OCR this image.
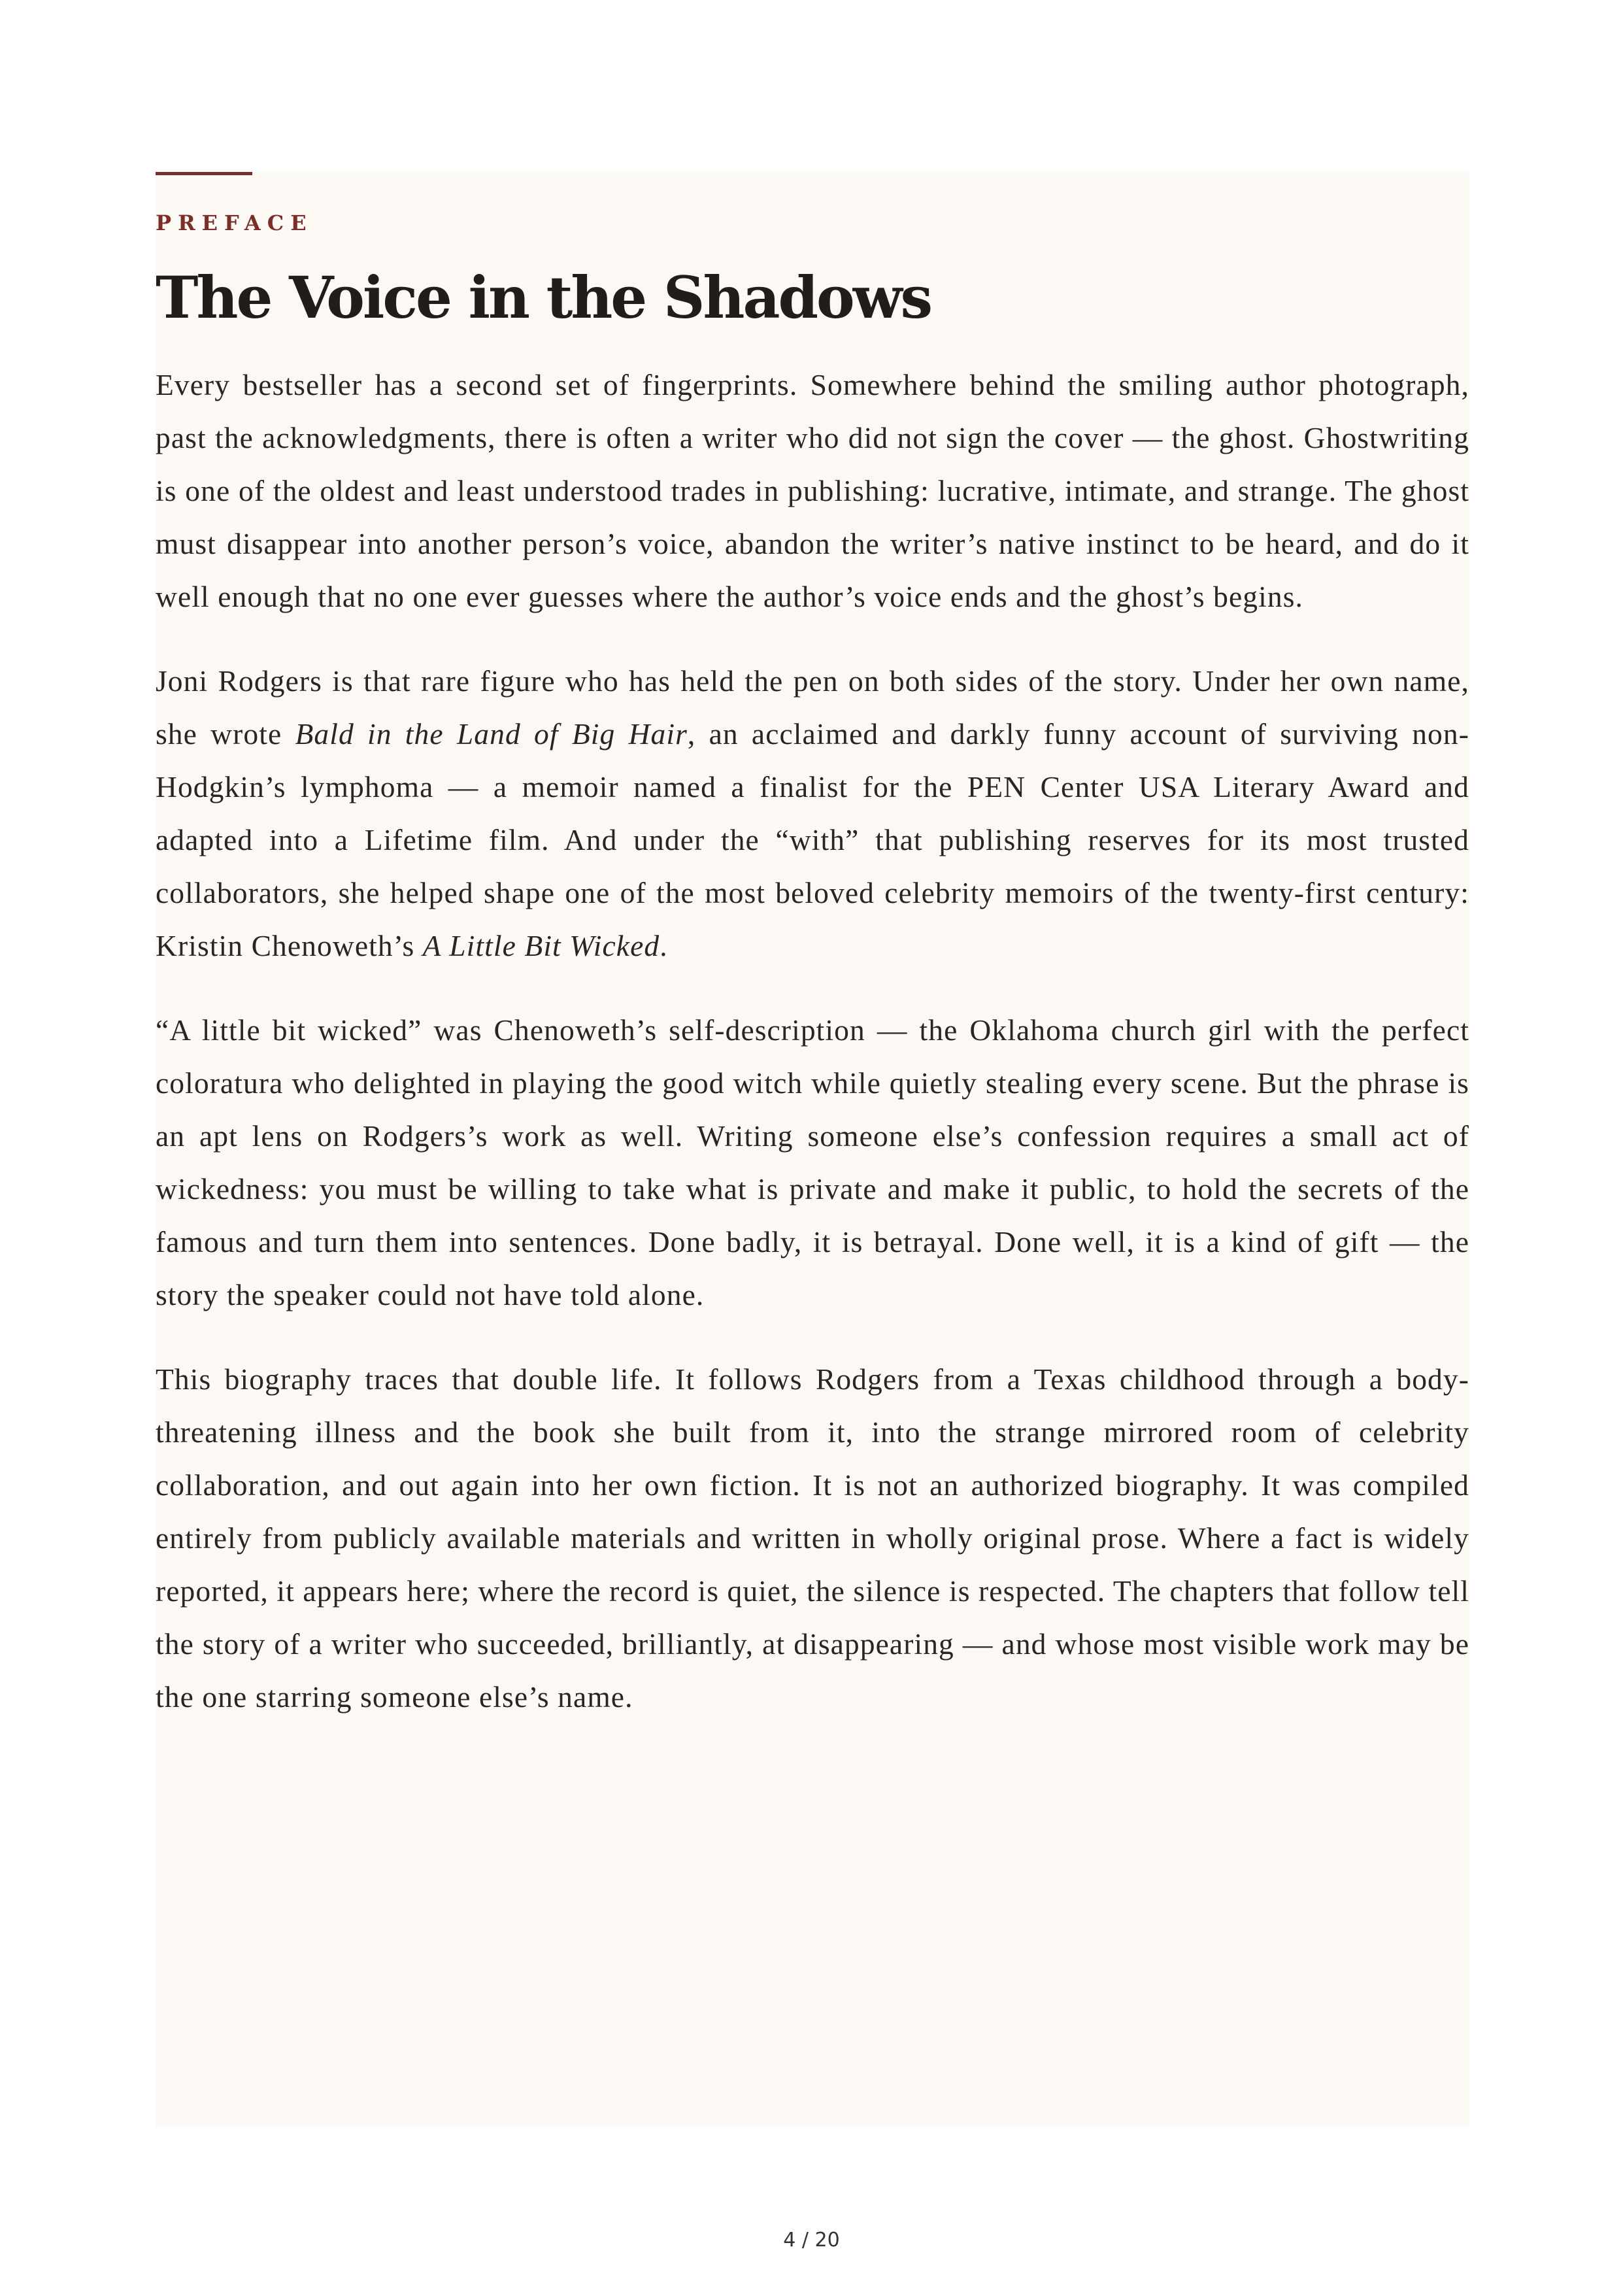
PREFACE
The Voice in the Shadows

Every bestseller has a second set of fingerprints. Somewhere behind the smiling author photograph, past the acknowledgments, there is often a writer who did not sign the cover — the ghost. Ghostwriting is one of the oldest and least understood trades in publishing: lucrative, intimate, and strange. The ghost must disappear into another person’s voice, abandon the writer’s native instinct to be heard, and do it well enough that no one ever guesses where the author’s voice ends and the ghost’s begins.

Joni Rodgers is that rare figure who has held the pen on both sides of the story. Under her own name, she wrote Bald in the Land of Big Hair, an acclaimed and darkly funny account of surviving non-Hodgkin’s lymphoma — a memoir named a finalist for the PEN Center USA Literary Award and adapted into a Lifetime film. And under the “with” that publishing reserves for its most trusted collaborators, she helped shape one of the most beloved celebrity memoirs of the twenty-first century: Kristin Chenoweth’s A Little Bit Wicked.

“A little bit wicked” was Chenoweth’s self-description — the Oklahoma church girl with the perfect coloratura who delighted in playing the good witch while quietly stealing every scene. But the phrase is an apt lens on Rodgers’s work as well. Writing someone else’s confession requires a small act of wickedness: you must be willing to take what is private and make it public, to hold the secrets of the famous and turn them into sentences. Done badly, it is betrayal. Done well, it is a kind of gift — the story the speaker could not have told alone.

This biography traces that double life. It follows Rodgers from a Texas childhood through a body-threatening illness and the book she built from it, into the strange mirrored room of celebrity collaboration, and out again into her own fiction. It is not an authorized biography. It was compiled entirely from publicly available materials and written in wholly original prose. Where a fact is widely reported, it appears here; where the record is quiet, the silence is respected. The chapters that follow tell the story of a writer who succeeded, brilliantly, at disappearing — and whose most visible work may be the one starring someone else’s name.

4 / 20
